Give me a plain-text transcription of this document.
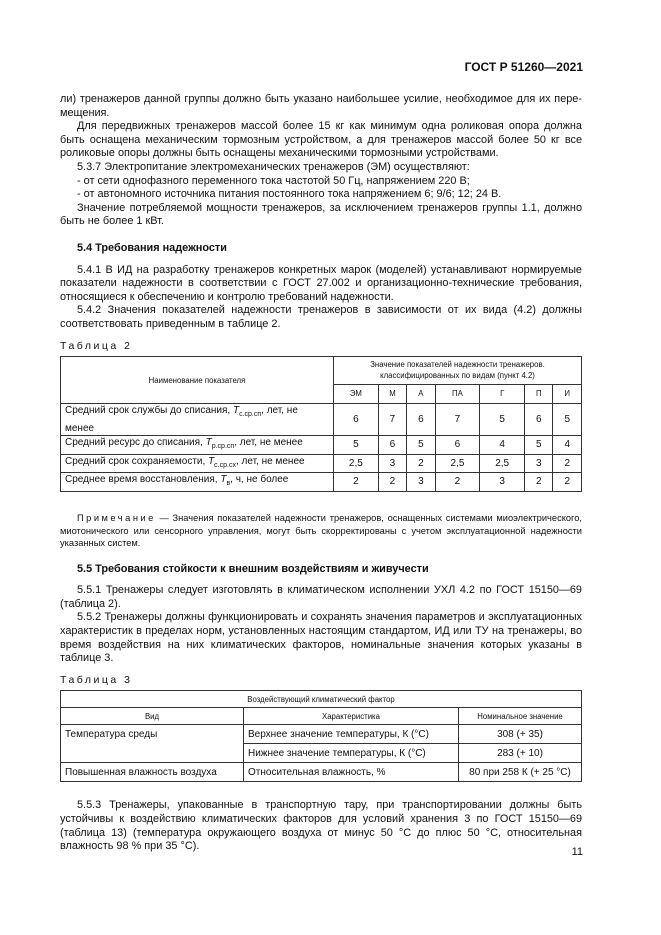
ГОСТ Р 51260—2021

ли) тренажеров данной группы должно быть указано наибольшее усилие, необходимое для их пере-мещения.

Для передвижных тренажеров массой более 15 кг как минимум одна роликовая опора должна быть оснащена механическим тормозным устройством, а для тренажеров массой более 50 кг все роликовые опоры должны быть оснащены механическими тормозными устройствами.

5.3.7 Электропитание электромеханических тренажеров (ЭМ) осуществляют:

- от сети однофазного переменного тока частотой 50 Гц, напряжением 220 В;

- от автономного источника питания постоянного тока напряжением 6; 9/6; 12; 24 В.

Значение потребляемой мощности тренажеров, за исключением тренажеров группы 1.1, должно быть не более 1 кВт.

5.4 Требования надежности

5.4.1 В ИД на разработку тренажеров конкретных марок (моделей) устанавливают нормируемые показатели надежности в соответствии с ГОСТ 27.002 и организационно-технические требования, относящиеся к обеспечению и контролю требований надежности.

5.4.2 Значения показателей надежности тренажеров в зависимости от их вида (4.2) должны соответствовать приведенным в таблице 2.

Таблица 2

Наименование показателя	Значение показателей надежности тренажеров.
классифицированных по видам (пункт 4.2)						
	ЭМ	М	А	ПА	Г	П	И
Средний срок службы до списания, $T_{с.ср.сп}$, лет, не менее	6	7	6	7	5	6	5
Средний ресурс до списания, $T_{р.ср.сп}$, лет, не менее	5	6	5	6	4	5	4
Средний срок сохраняемости, $T_{с.ср.сх}$, лет, не менее	2,5	3	2	2,5	2,5	3	2
Среднее время восстановления, $T_в$, ч, не более	2	2	3	2	3	2	2

Примечание — Значения показателей надежности тренажеров, оснащенных системами миоэлектрического, миотонического или сенсорного управления, могут быть скорректированы с учетом эксплуатационной надежности указанных систем.

5.5 Требования стойкости к внешним воздействиям и живучести

5.5.1 Тренажеры следует изготовлять в климатическом исполнении УХЛ 4.2 по ГОСТ 15150—69 (таблица 2).

5.5.2 Тренажеры должны функционировать и сохранять значения параметров и эксплуатационных характеристик в пределах норм, установленных настоящим стандартом, ИД или ТУ на тренажеры, во время воздействия на них климатических факторов, номинальные значения которых указаны в таблице 3.

Таблица 3

Воздействующий климатический фактор		
Вид	Характеристика	Номинальное значение
Температура среды	Верхнее значение температуры, К (°С)	308 (+ 35)
	Нижнее значение температуры, К (°С)	283 (+ 10)
Повышенная влажность воздуха	Относительная влажность, %	80 при 258 К (+ 25 °С)

5.5.3 Тренажеры, упакованные в транспортную тару, при транспортировании должны быть устойчивы к воздействию климатических факторов для условий хранения 3 по ГОСТ 15150—69 (таблица 13) (температура окружающего воздуха от минус 50 °С до плюс 50 °С, относительная влажность 98 % при 35 °С).	11
